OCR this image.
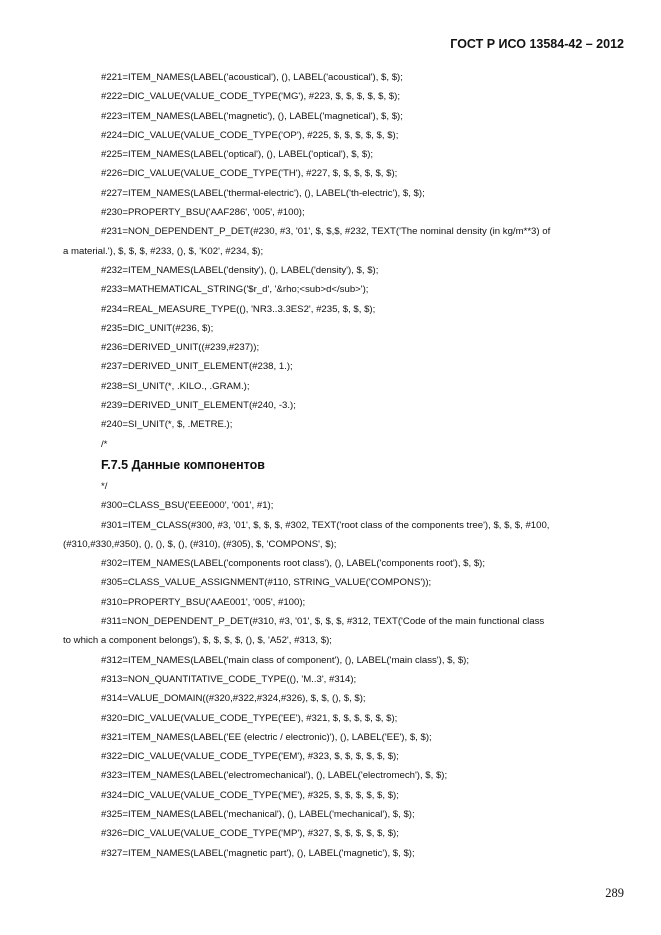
ГОСТ Р ИСО 13584-42 – 2012
#221=ITEM_NAMES(LABEL('acoustical'), (), LABEL('acoustical'), $, $);
#222=DIC_VALUE(VALUE_CODE_TYPE('MG'), #223, $, $, $, $, $, $);
#223=ITEM_NAMES(LABEL('magnetic'), (), LABEL('magnetical'), $, $);
#224=DIC_VALUE(VALUE_CODE_TYPE('OP'), #225, $, $, $, $, $, $);
#225=ITEM_NAMES(LABEL('optical'), (), LABEL('optical'), $, $);
#226=DIC_VALUE(VALUE_CODE_TYPE('TH'), #227, $, $, $, $, $, $);
#227=ITEM_NAMES(LABEL('thermal-electric'), (), LABEL('th-electric'), $, $);
#230=PROPERTY_BSU('AAF286', '005', #100);
#231=NON_DEPENDENT_P_DET(#230, #3, '01', $, $,$, #232, TEXT('The nominal density (in kg/m**3) of
a material.'), $, $, $, #233, (), $, 'K02', #234, $);
#232=ITEM_NAMES(LABEL('density'), (), LABEL('density'), $, $);
#233=MATHEMATICAL_STRING('$r_d', '&rho;<sub>d</sub>');
#234=REAL_MEASURE_TYPE((), 'NR3..3.3ES2', #235, $, $, $);
#235=DIC_UNIT(#236, $);
#236=DERIVED_UNIT((#239,#237));
#237=DERIVED_UNIT_ELEMENT(#238, 1.);
#238=SI_UNIT(*, .KILO., .GRAM.);
#239=DERIVED_UNIT_ELEMENT(#240, -3.);
#240=SI_UNIT(*, $, .METRE.);
/*
F.7.5 Данные компонентов
*/
#300=CLASS_BSU('EEE000', '001', #1);
#301=ITEM_CLASS(#300, #3, '01', $, $, $, #302, TEXT('root class of the components tree'), $, $, $, #100,
(#310,#330,#350), (), (), $, (), (#310), (#305), $, 'COMPONS', $);
#302=ITEM_NAMES(LABEL('components root class'), (), LABEL('components root'), $, $);
#305=CLASS_VALUE_ASSIGNMENT(#110, STRING_VALUE('COMPONS'));
#310=PROPERTY_BSU('AAE001', '005', #100);
#311=NON_DEPENDENT_P_DET(#310, #3, '01', $, $, $, #312, TEXT('Code of the main functional class
to which a component belongs'), $, $, $, $, (), $, 'A52', #313, $);
#312=ITEM_NAMES(LABEL('main class of component'), (), LABEL('main class'), $, $);
#313=NON_QUANTITATIVE_CODE_TYPE((), 'M..3', #314);
#314=VALUE_DOMAIN((#320,#322,#324,#326), $, $, (), $, $);
#320=DIC_VALUE(VALUE_CODE_TYPE('EE'), #321, $, $, $, $, $, $);
#321=ITEM_NAMES(LABEL('EE (electric / electronic)'), (), LABEL('EE'), $, $);
#322=DIC_VALUE(VALUE_CODE_TYPE('EM'), #323, $, $, $, $, $, $);
#323=ITEM_NAMES(LABEL('electromechanical'), (), LABEL('electromech'), $, $);
#324=DIC_VALUE(VALUE_CODE_TYPE('ME'), #325, $, $, $, $, $, $);
#325=ITEM_NAMES(LABEL('mechanical'), (), LABEL('mechanical'), $, $);
#326=DIC_VALUE(VALUE_CODE_TYPE('MP'), #327, $, $, $, $, $, $);
#327=ITEM_NAMES(LABEL('magnetic part'), (), LABEL('magnetic'), $, $);
289
